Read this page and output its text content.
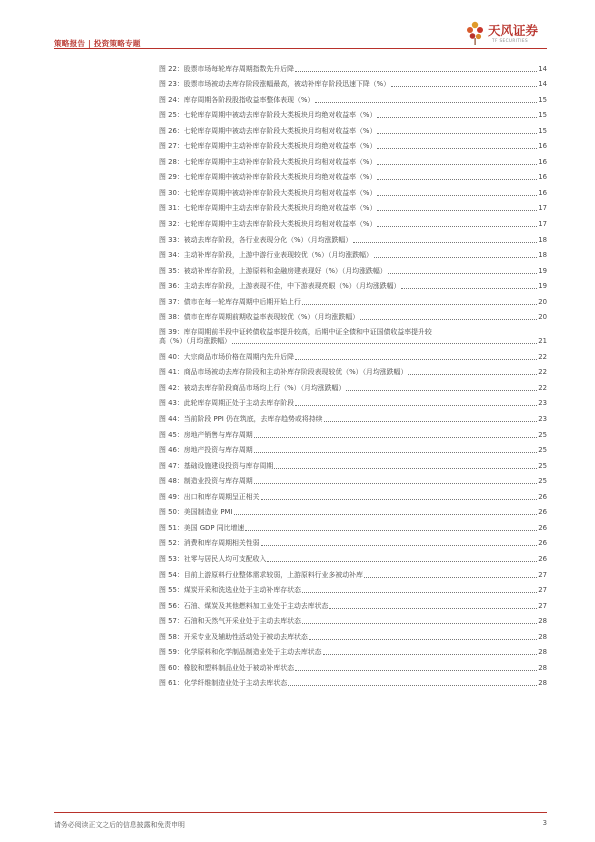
策略报告 | 投资策略专题
天风证券
TF SECURITIES
图 22：股票市场每轮库存周期指数先升后降	14
图 23：股票市场被动去库存阶段涨幅最高，被动补库存阶段迅速下降（%）	14
图 24：库存周期各阶段股指收益率整体表现（%）	15
图 25：七轮库存周期中被动去库存阶段大类板块月均绝对收益率（%）	15
图 26：七轮库存周期中被动去库存阶段大类板块月均相对收益率（%）	15
图 27：七轮库存周期中主动补库存阶段大类板块月均绝对收益率（%）	16
图 28：七轮库存周期中主动补库存阶段大类板块月均相对收益率（%）	16
图 29：七轮库存周期中被动补库存阶段大类板块月均绝对收益率（%）	16
图 30：七轮库存周期中被动补库存阶段大类板块月均相对收益率（%）	16
图 31：七轮库存周期中主动去库存阶段大类板块月均绝对收益率（%）	17
图 32：七轮库存周期中主动去库存阶段大类板块月均相对收益率（%）	17
图 33：被动去库存阶段，各行业表现分化（%）（月均涨跌幅）	18
图 34：主动补库存阶段，上游中游行业表现较优（%）（月均涨跌幅）	18
图 35：被动补库存阶段，上游原料和金融房建表现好（%）（月均涨跌幅）	19
图 36：主动去库存阶段，上游表现不佳，中下游表现亮眼（%）（月均涨跌幅）	19
图 37：债市在每一轮库存周期中后期开始上行	20
图 38：债市在库存周期前期收益率表现较优（%）（月均涨跌幅）	20
图 39：库存周期前半段中证转债收益率提升较高，后期中证全债和中证国债收益率提升较
高（%）（月均涨跌幅）	21
图 40：大宗商品市场价格在周期内先升后降	22
图 41：商品市场被动去库存阶段和主动补库存阶段表现较优（%）（月均涨跌幅）	22
图 42：被动去库存阶段商品市场均上行（%）（月均涨跌幅）	22
图 43：此轮库存周期正处于主动去库存阶段	23
图 44：当前阶段 PPI 仍在筑底，去库存趋势或将持续	23
图 45：房地产销售与库存周期	25
图 46：房地产投资与库存周期	25
图 47：基础设施建设投资与库存周期	25
图 48：制造业投资与库存周期	25
图 49：出口和库存周期呈正相关	26
图 50：美国制造业 PMI	26
图 51：美国 GDP 同比增速	26
图 52：消费和库存周期相关性弱	26
图 53：社零与居民人均可支配收入	26
图 54：目前上游原料行业整体需求较弱，上游原料行业多被动补库	27
图 55：煤炭开采和洗选业处于主动补库存状态	27
图 56：石油、煤炭及其他燃料加工业处于主动去库状态	27
图 57：石油和天然气开采业处于主动去库状态	28
图 58：开采专业及辅助性活动处于被动去库状态	28
图 59：化学原料和化学制品制造业处于主动去库状态	28
图 60：橡胶和塑料制品业处于被动补库状态	28
图 61：化学纤维制造业处于主动去库状态	28
请务必阅读正文之后的信息披露和免责申明	3
